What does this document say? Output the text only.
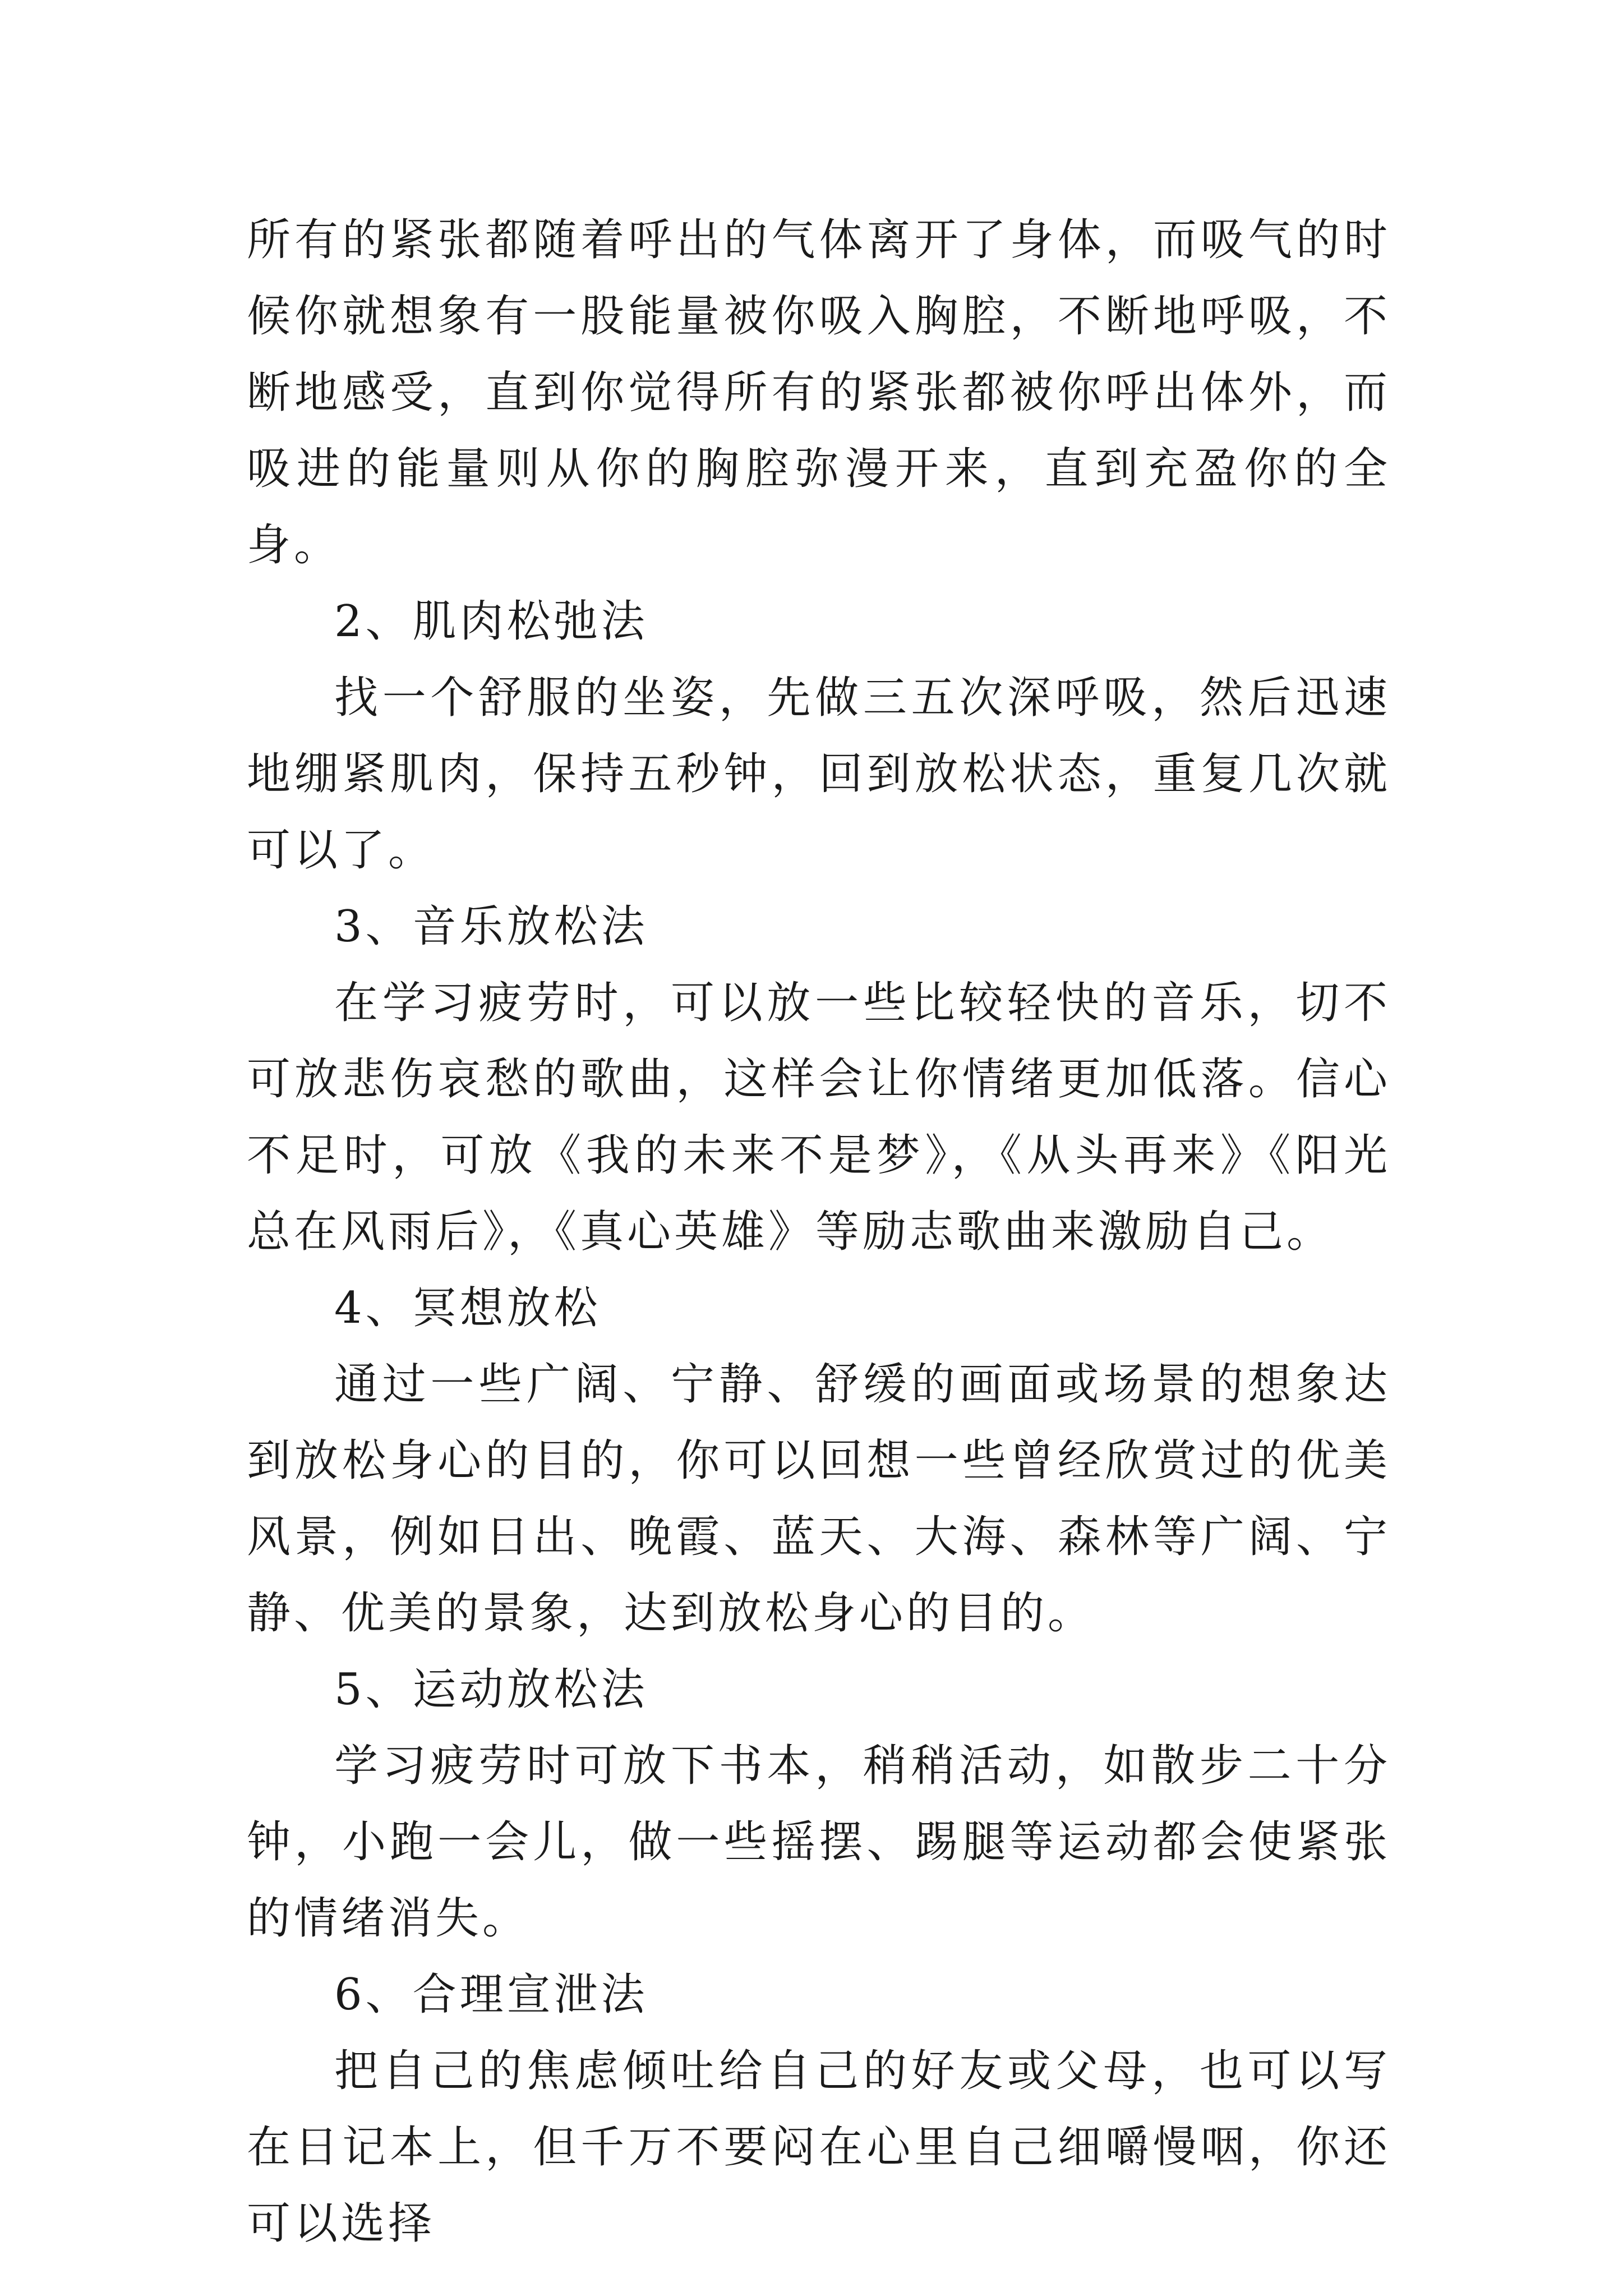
所有的紧张都随着呼出的气体离开了身体，而吸气的时候你就想象有一股能量被你吸入胸腔，不断地呼吸，不断地感受，直到你觉得所有的紧张都被你呼出体外，而吸进的能量则从你的胸腔弥漫开来，直到充盈你的全身。

2、肌肉松弛法

找一个舒服的坐姿，先做三五次深呼吸，然后迅速地绷紧肌肉，保持五秒钟，回到放松状态，重复几次就可以了。

3、音乐放松法

在学习疲劳时，可以放一些比较轻快的音乐，切不可放悲伤哀愁的歌曲，这样会让你情绪更加低落。信心不足时，可放《我的未来不是梦》，《从头再来》《阳光总在风雨后》，《真心英雄》等励志歌曲来激励自己。

4、冥想放松

通过一些广阔、宁静、舒缓的画面或场景的想象达到放松身心的目的，你可以回想一些曾经欣赏过的优美风景，例如日出、晚霞、蓝天、大海、森林等广阔、宁静、优美的景象，达到放松身心的目的。

5、运动放松法

学习疲劳时可放下书本，稍稍活动，如散步二十分钟，小跑一会儿，做一些摇摆、踢腿等运动都会使紧张的情绪消失。

6、合理宣泄法

把自己的焦虑倾吐给自己的好友或父母，也可以写在日记本上，但千万不要闷在心里自己细嚼慢咽，你还可以选择
